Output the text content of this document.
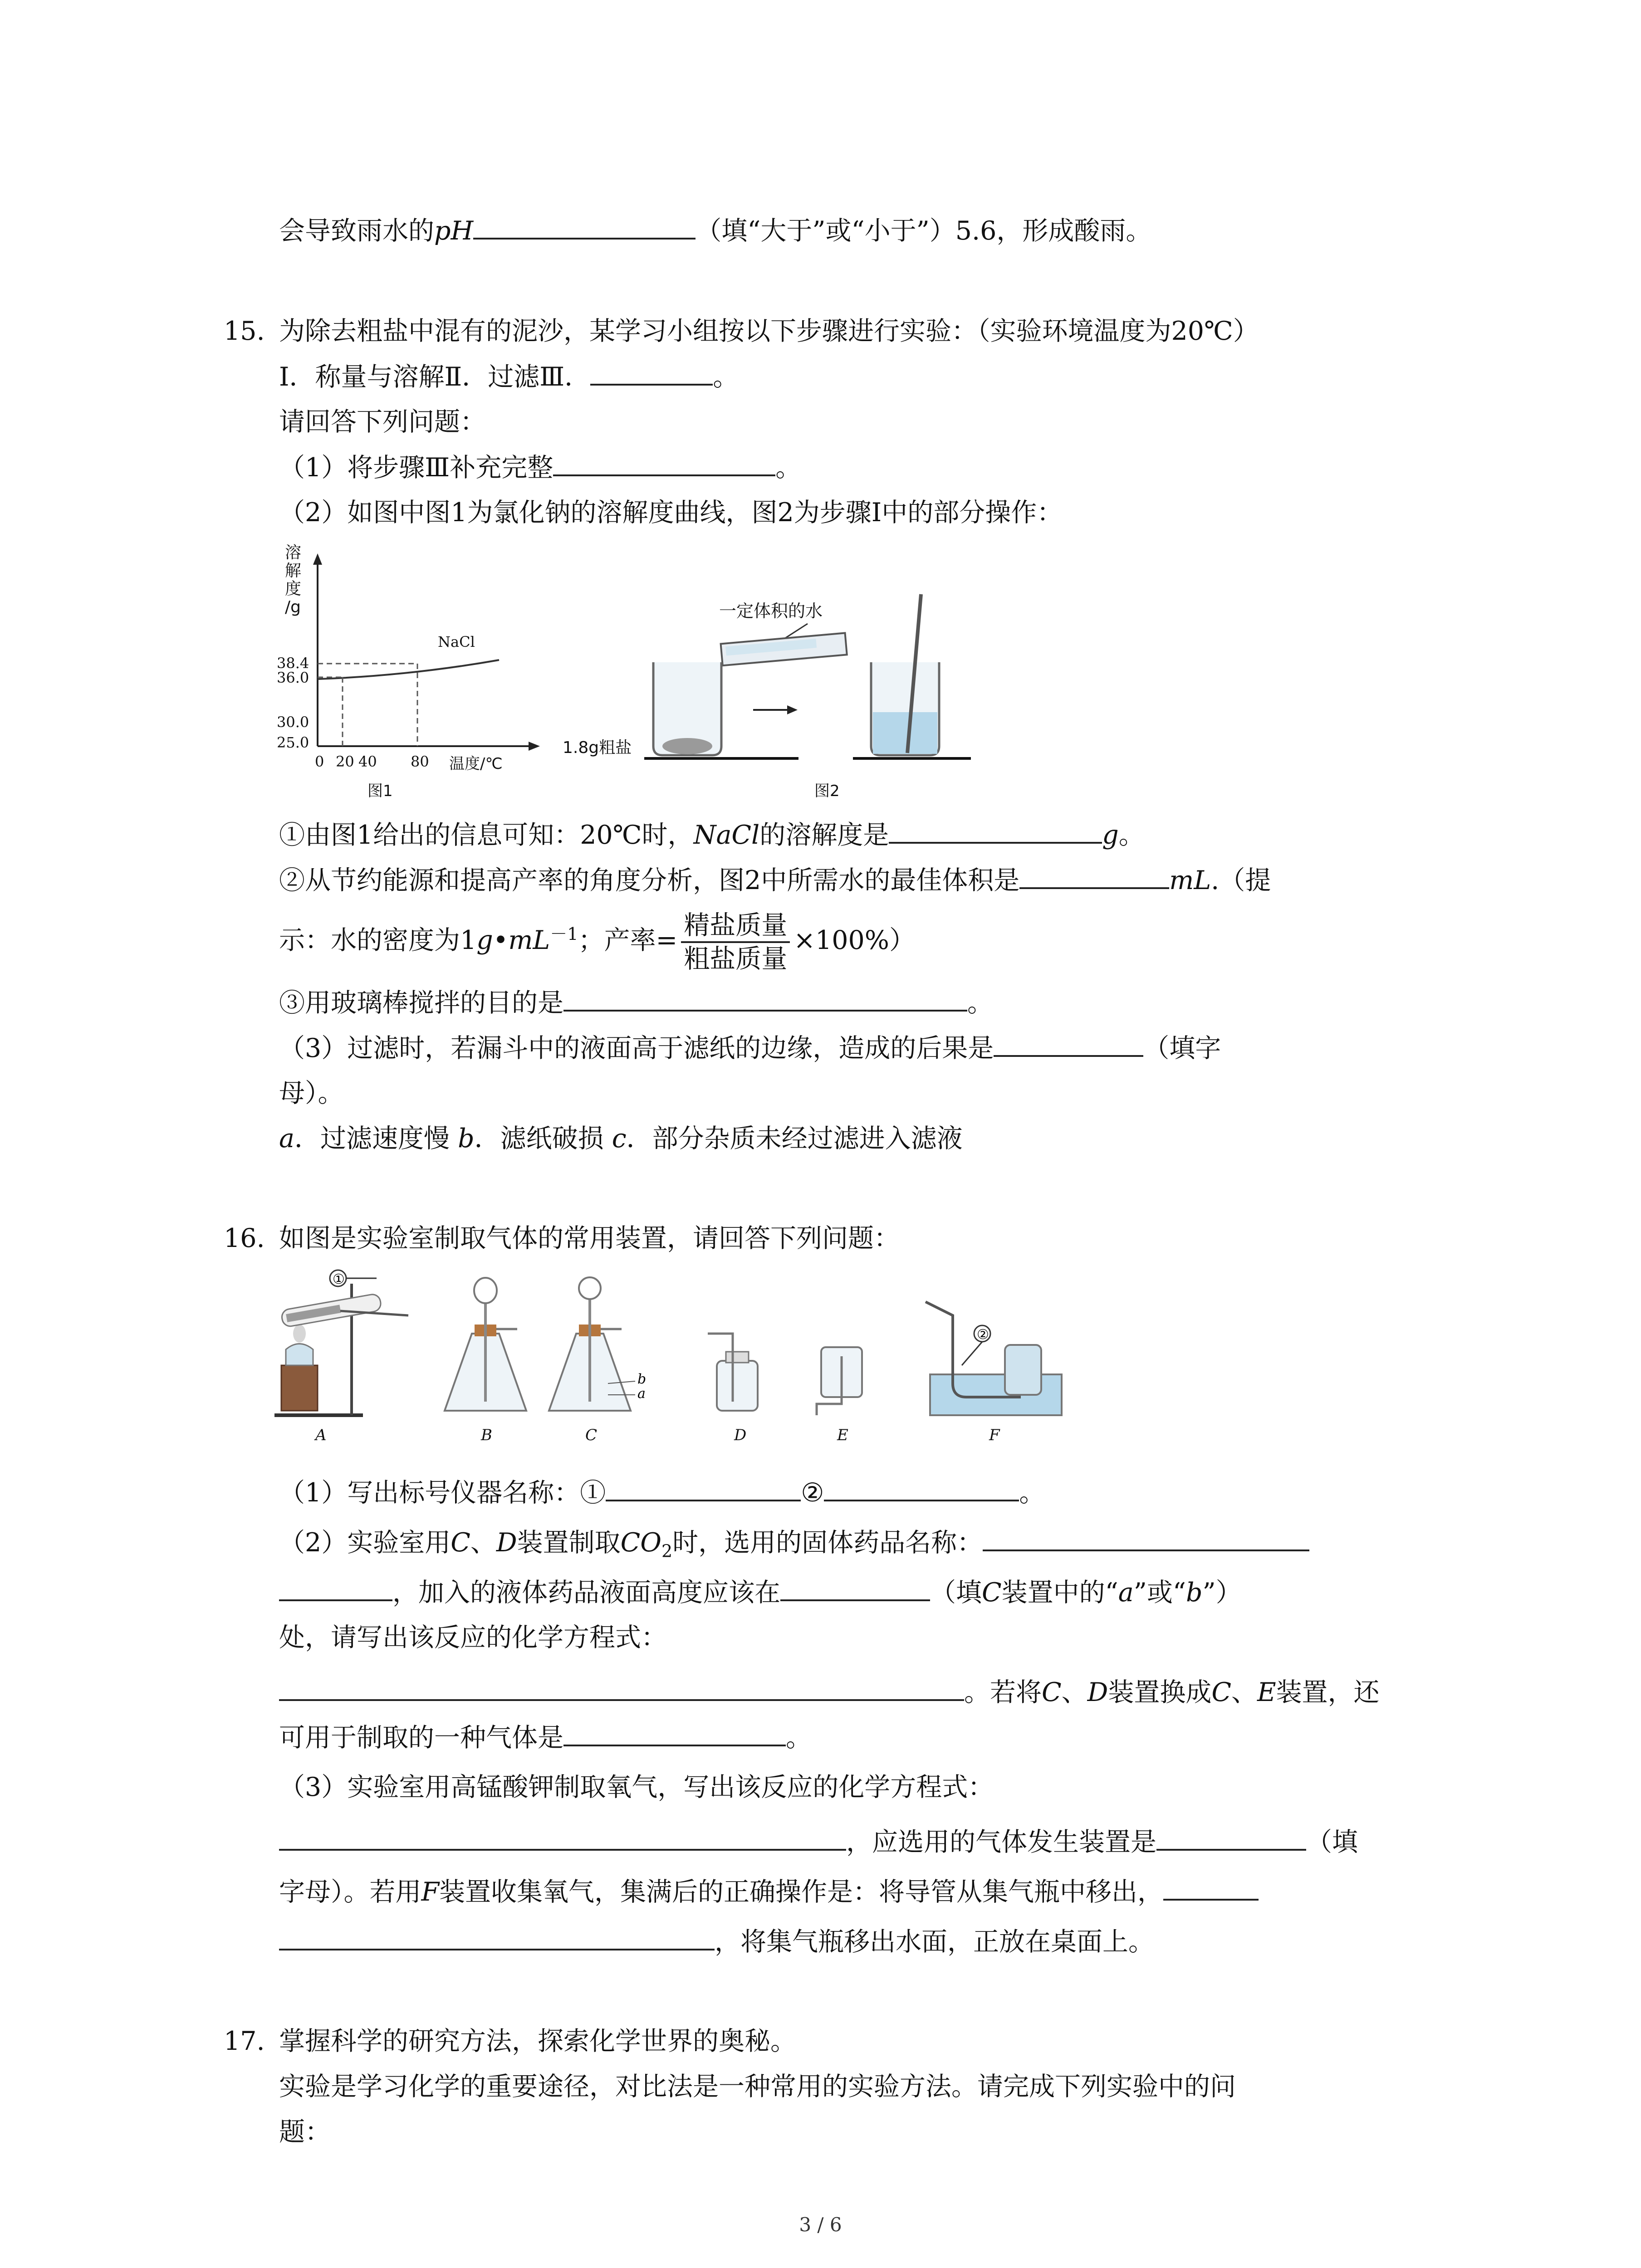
会导致雨水的pH	（填“大于”或“小于”）5.6，形成酸雨。
15. 为除去粗盐中混有的泥沙，某学习小组按以下步骤进行实验：（实验环境温度为20℃）
Ⅰ．称量与溶解Ⅱ．过滤Ⅲ．	。
请回答下列问题：
（1）将步骤Ⅲ补充完整	。
（2）如图中图1为氯化钠的溶解度曲线，图2为步骤Ⅰ中的部分操作：
溶
解
度
/g
38.4
36.0
30.0
25.0
0 20 40 80
NaCl
温度/℃
图1
一定体积的水
1.8g粗盐
图2
①由图1给出的信息可知：20℃时，NaCl的溶解度是	g。
②从节约能源和提高产率的角度分析，图2中所需水的最佳体积是	mL.（提
示：水的密度为$1g•mL^{-1}$；产率= $\frac{\text{精盐质量}}{\text{粗盐质量}} \times 100\%$）
③用玻璃棒搅拌的目的是	。
（3）过滤时，若漏斗中的液面高于滤纸的边缘，造成的后果是	（填字
母）。
a．过滤速度慢 b．滤纸破损 c．部分杂质未经过滤进入滤液
16. 如图是实验室制取气体的常用装置，请回答下列问题：
①
b
a
②
A	B	C	D	E	F
（1）写出标号仪器名称：①	②	。
（2）实验室用C、D装置制取$CO_2$时，选用的固体药品名称：
，加入的液体药品液面高度应该在	（填C装置中的“a”或“b”）
处，请写出该反应的化学方程式：
。若将C、D装置换成C、E装置，还
可用于制取的一种气体是	。
（3）实验室用高锰酸钾制取氧气，写出该反应的化学方程式：
，应选用的气体发生装置是	（填
字母）。若用F装置收集氧气，集满后的正确操作是：将导管从集气瓶中移出，
，将集气瓶移出水面，正放在桌面上。
17. 掌握科学的研究方法，探索化学世界的奥秘。
实验是学习化学的重要途径，对比法是一种常用的实验方法。请完成下列实验中的问
题：
3 / 6
